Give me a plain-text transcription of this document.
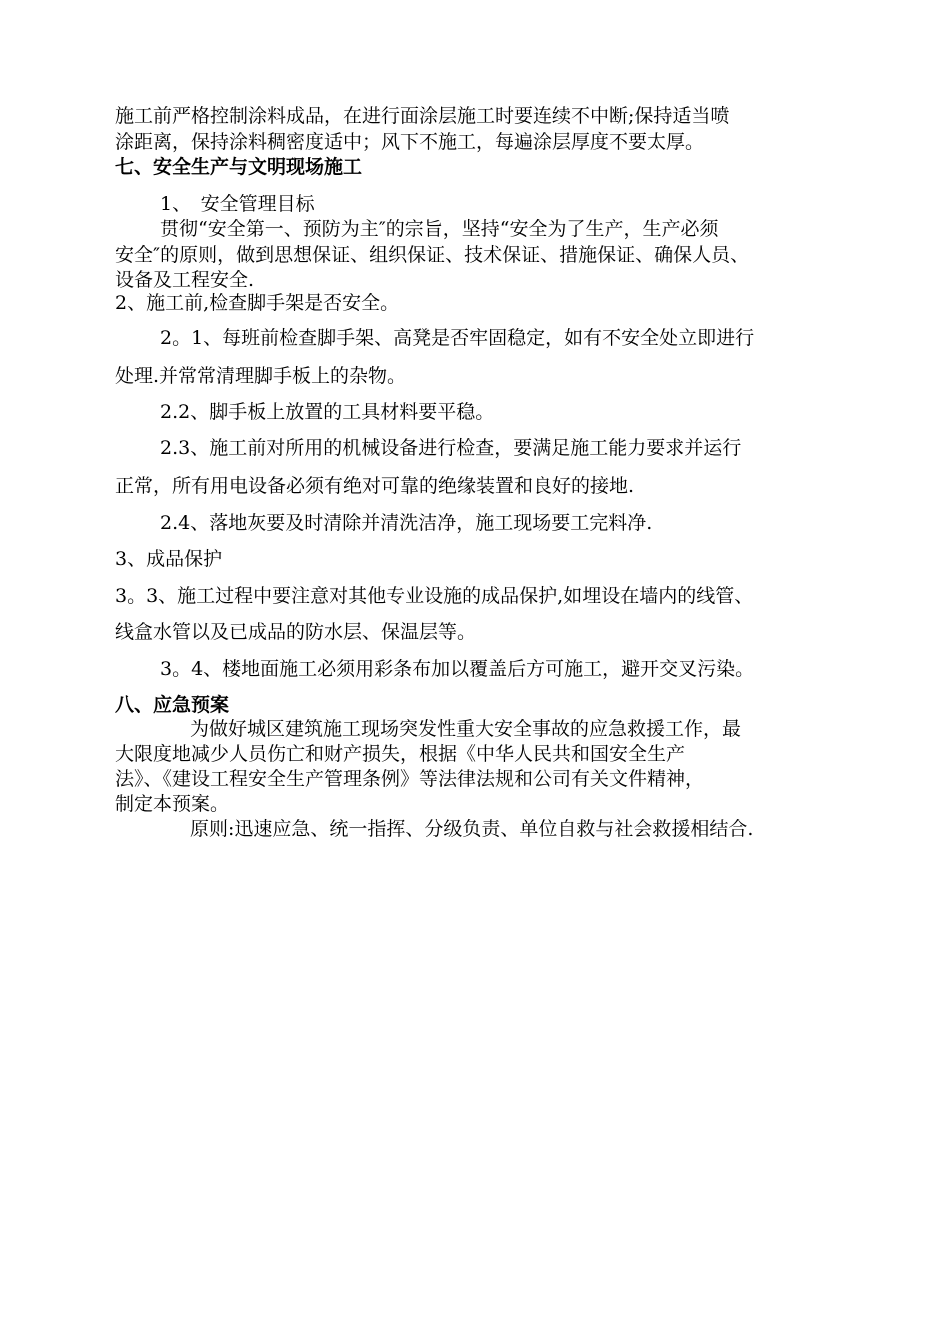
施工前严格控制涂料成品，在进行面涂层施工时要连续不中断;保持适当喷

涂距离，保持涂料稠密度适中；风下不施工，每遍涂层厚度不要太厚。

七、安全生产与文明现场施工

1、　安全管理目标

贯彻“安全第一、预防为主″的宗旨，坚持“安全为了生产，生产必须

安全″的原则，做到思想保证、组织保证、技术保证、措施保证、确保人员、

设备及工程安全.

2、施工前,检查脚手架是否安全。

2。1、每班前检查脚手架、高凳是否牢固稳定，如有不安全处立即进行

处理.并常常清理脚手板上的杂物。

2.2、脚手板上放置的工具材料要平稳。

2.3、施工前对所用的机械设备进行检查，要满足施工能力要求并运行

正常，所有用电设备必须有绝对可靠的绝缘装置和良好的接地.

2.4、落地灰要及时清除并清洗洁净，施工现场要工完料净.

3、成品保护

3。3、施工过程中要注意对其他专业设施的成品保护,如埋设在墙内的线管、

线盒水管以及已成品的防水层、保温层等。

3。4、楼地面施工必须用彩条布加以覆盖后方可施工，避开交叉污染。

八、应急预案

为做好城区建筑施工现场突发性重大安全事故的应急救援工作，最

大限度地减少人员伤亡和财产损失，根据《中华人民共和国安全生产

法》、《建设工程安全生产管理条例》等法律法规和公司有关文件精神，

制定本预案。

原则:迅速应急、统一指挥、分级负责、单位自救与社会救援相结合.
